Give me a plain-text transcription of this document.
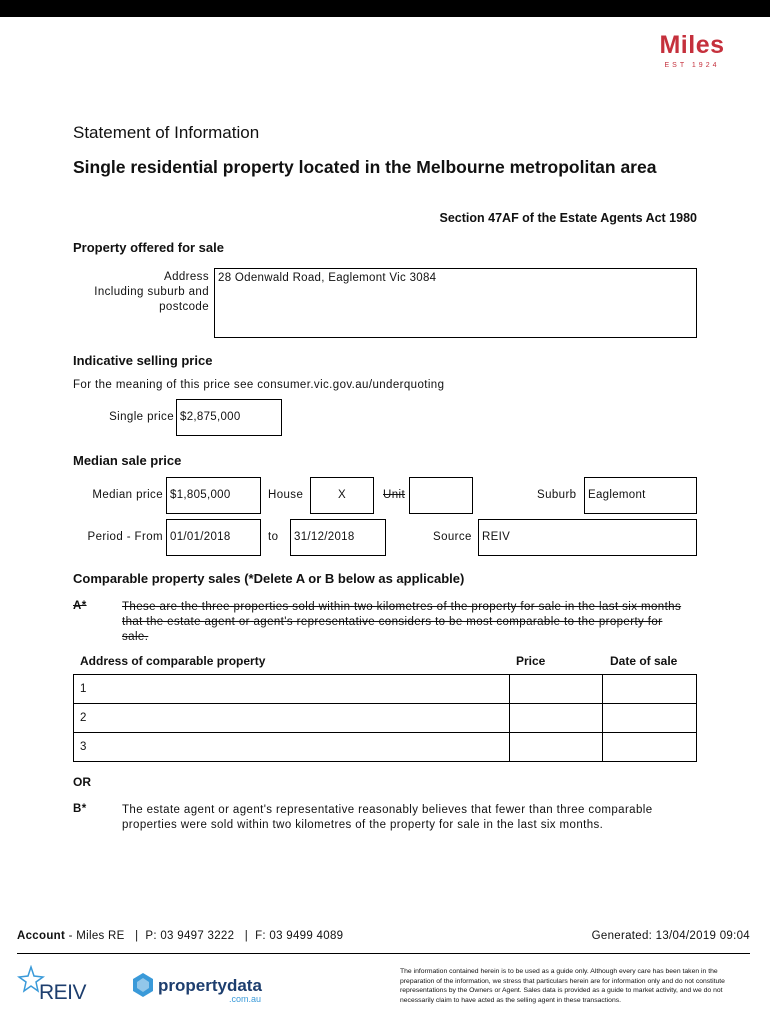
Miles
EST 1924
Statement of Information
Single residential property located in the Melbourne metropolitan area
Section 47AF of the Estate Agents Act 1980
Property offered for sale
Address
Including suburb and
postcode
28 Odenwald Road, Eaglemont Vic 3084
Indicative selling price
For the meaning of this price see consumer.vic.gov.au/underquoting
Single price $2,875,000
Median sale price
Median price $1,805,000	House	X	Unit	Suburb	Eaglemont
Period - From 01/01/2018	to	31/12/2018	Source REIV
Comparable property sales (*Delete A or B below as applicable)
A*	These are the three properties sold within two kilometres of the property for sale in the last six months that the estate agent or agent's representative considers to be most comparable to the property for sale.
Address of comparable property	Price	Date of sale
1		
2		
3		
OR
B*	The estate agent or agent's representative reasonably believes that fewer than three comparable properties were sold within two kilometres of the property for sale in the last six months.
Account - Miles RE   |  P: 03 9497 3222   |  F: 03 9499 4089	Generated: 13/04/2019 09:04
REIV	propertydata
.com.au
The information contained herein is to be used as a guide only. Although every care has been taken in the preparation of the information, we stress that particulars herein are for information only and do not constitute representations by the Owners or Agent. Sales data is provided as a guide to market activity, and we do not necessarily claim to have acted as the selling agent in these transactions.
